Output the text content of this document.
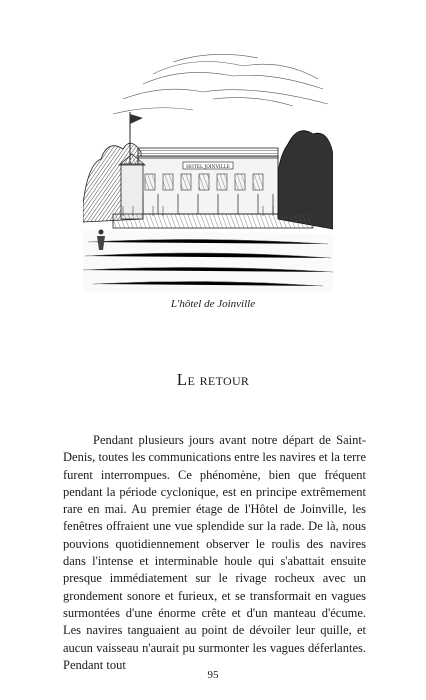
HOTEL JOINVILLE
L'hôtel de Joinville
Le retour

Pendant plusieurs jours avant notre départ de Saint-Denis, toutes les communications entre les navires et la terre furent interrompues. Ce phénomène, bien que fréquent pendant la période cyclonique, est en principe extrêmement rare en mai. Au premier étage de l'Hôtel de Joinville, les fenêtres offraient une vue splendide sur la rade. De là, nous pouvions quotidiennement observer le roulis des navires dans l'intense et interminable houle qui s'abattait ensuite presque immédiatement sur le rivage rocheux avec un grondement sonore et furieux, et se transformait en vagues surmontées d'une énorme crête et d'un manteau d'écume. Les navires tanguaient au point de dévoiler leur quille, et aucun vaisseau n'aurait pu surmonter les vagues déferlantes. Pendant tout

95
